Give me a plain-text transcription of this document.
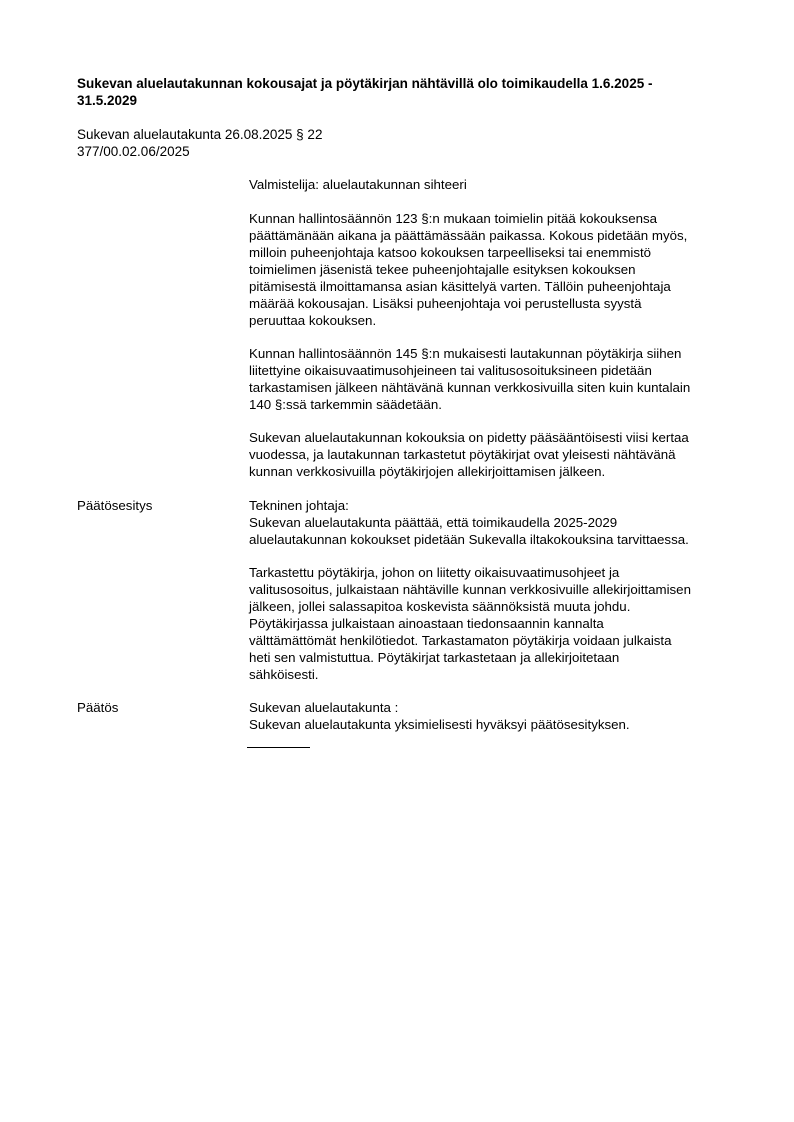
Sukevan aluelautakunnan kokousajat ja pöytäkirjan nähtävillä olo toimikaudella 1.6.2025 -
31.5.2029
Sukevan aluelautakunta 26.08.2025 § 22
377/00.02.06/2025
Valmistelija: aluelautakunnan sihteeri
Kunnan hallintosäännön 123 §:n mukaan toimielin pitää kokouksensa
päättämänään aikana ja päättämässään paikassa. Kokous pidetään myös,
milloin puheenjohtaja katsoo kokouksen tarpeelliseksi tai enemmistö
toimielimen jäsenistä tekee puheenjohtajalle esityksen kokouksen
pitämisestä ilmoittamansa asian käsittelyä varten. Tällöin puheenjohtaja
määrää kokousajan. Lisäksi puheenjohtaja voi perustellusta syystä
peruuttaa kokouksen.
Kunnan hallintosäännön 145 §:n mukaisesti lautakunnan pöytäkirja siihen
liitettyine oikaisuvaatimusohjeineen tai valitusosoituksineen pidetään
tarkastamisen jälkeen nähtävänä kunnan verkkosivuilla siten kuin kuntalain
140 §:ssä tarkemmin säädetään.
Sukevan aluelautakunnan kokouksia on pidetty pääsääntöisesti viisi kertaa
vuodessa, ja lautakunnan tarkastetut pöytäkirjat ovat yleisesti nähtävänä
kunnan verkkosivuilla pöytäkirjojen allekirjoittamisen jälkeen.
Päätösesitys	Tekninen johtaja:
Sukevan aluelautakunta päättää, että toimikaudella 2025-2029
aluelautakunnan kokoukset pidetään Sukevalla iltakokouksina tarvittaessa.
Tarkastettu pöytäkirja, johon on liitetty oikaisuvaatimusohjeet ja
valitusosoitus, julkaistaan nähtäville kunnan verkkosivuille allekirjoittamisen
jälkeen, jollei salassapitoa koskevista säännöksistä muuta johdu.
Pöytäkirjassa julkaistaan ainoastaan tiedonsaannin kannalta
välttämättömät henkilötiedot. Tarkastamaton pöytäkirja voidaan julkaista
heti sen valmistuttua. Pöytäkirjat tarkastetaan ja allekirjoitetaan
sähköisesti.
Päätös	Sukevan aluelautakunta :
Sukevan aluelautakunta yksimielisesti hyväksyi päätösesityksen.
